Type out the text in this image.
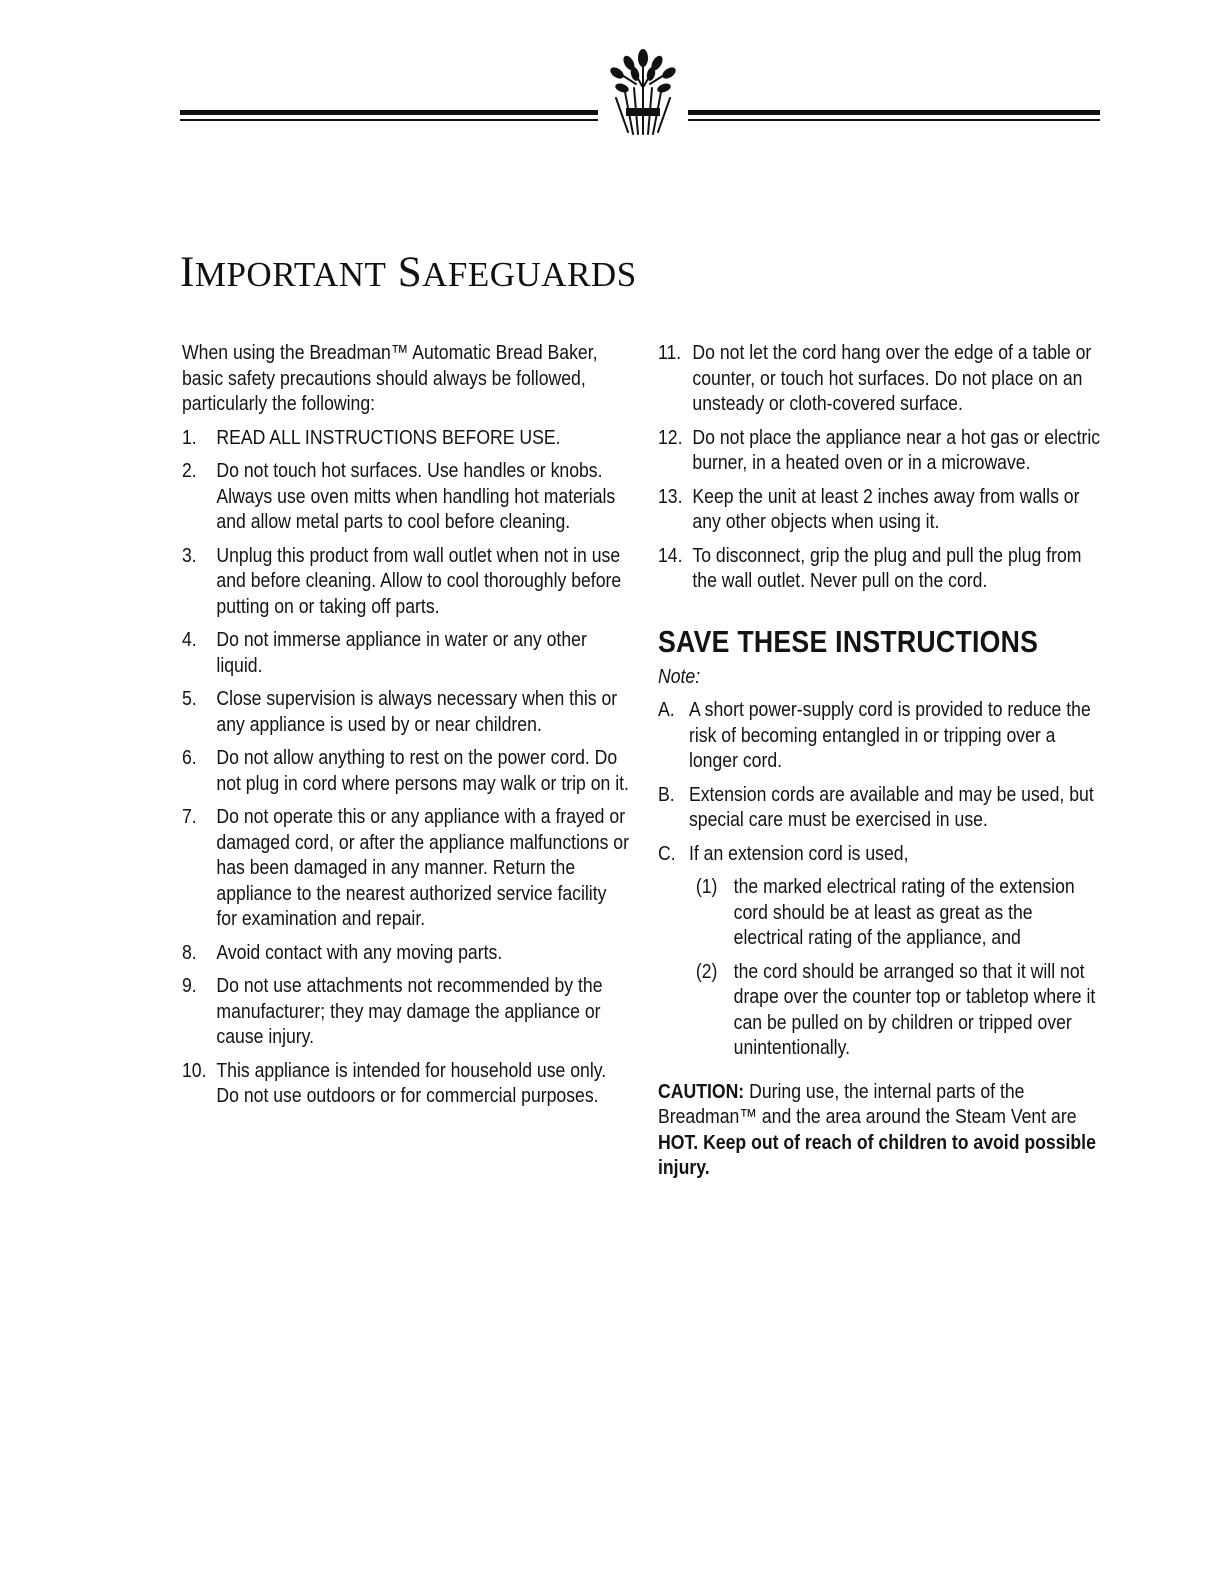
IMPORTANT SAFEGUARDS

When using the Breadman™ Automatic Bread Baker, basic safety precautions should always be followed, particularly the following:

1. READ ALL INSTRUCTIONS BEFORE USE.
2. Do not touch hot surfaces. Use handles or knobs. Always use oven mitts when handling hot materials and allow metal parts to cool before cleaning.
3. Unplug this product from wall outlet when not in use and before cleaning. Allow to cool thoroughly before putting on or taking off parts.
4. Do not immerse appliance in water or any other liquid.
5. Close supervision is always necessary when this or any appliance is used by or near children.
6. Do not allow anything to rest on the power cord. Do not plug in cord where persons may walk or trip on it.
7. Do not operate this or any appliance with a frayed or damaged cord, or after the appliance malfunctions or has been damaged in any manner. Return the appliance to the nearest authorized service facility for examination and repair.
8. Avoid contact with any moving parts.
9. Do not use attachments not recommended by the manufacturer; they may damage the appliance or cause injury.
10. This appliance is intended for household use only. Do not use outdoors or for commercial purposes.
11. Do not let the cord hang over the edge of a table or counter, or touch hot surfaces. Do not place on an unsteady or cloth-covered surface.
12. Do not place the appliance near a hot gas or electric burner, in a heated oven or in a microwave.
13. Keep the unit at least 2 inches away from walls or any other objects when using it.
14. To disconnect, grip the plug and pull the plug from the wall outlet. Never pull on the cord.
SAVE THESE INSTRUCTIONS
Note:
A. A short power-supply cord is provided to reduce the risk of becoming entangled in or tripping over a longer cord.
B. Extension cords are available and may be used, but special care must be exercised in use.
C. If an extension cord is used,
(1) the marked electrical rating of the extension cord should be at least as great as the electrical rating of the appliance, and
(2) the cord should be arranged so that it will not drape over the counter top or tabletop where it can be pulled on by children or tripped over unintentionally.

CAUTION: During use, the internal parts of the Breadman™ and the area around the Steam Vent are HOT. Keep out of reach of children to avoid possible injury.
